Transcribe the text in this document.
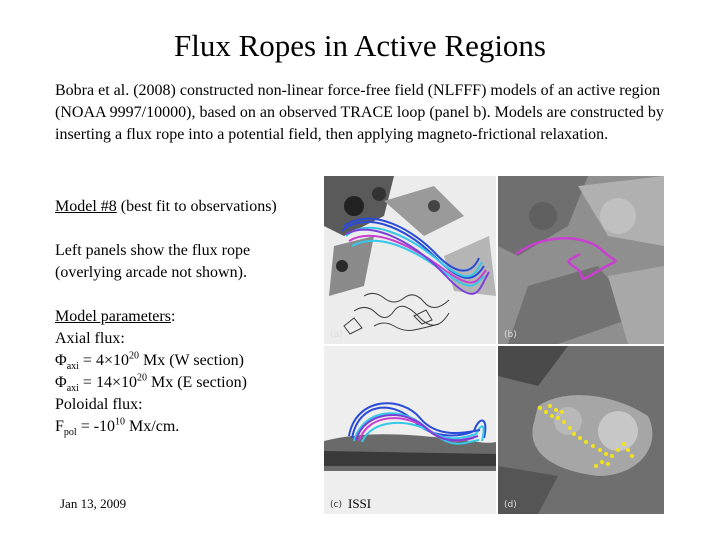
Flux Ropes in Active Regions
Bobra et al. (2008) constructed non-linear force-free field (NLFFF) models of an active region (NOAA 9997/10000), based on an observed TRACE loop (panel b). Models are constructed by inserting a flux rope into a potential field, then applying magneto-frictional relaxation.
Model #8 (best fit to observations)
Left panels show the flux rope
(overlying arcade not shown).
Model parameters:
Axial flux:
$\Phi_{axi} = 4\times 10^{20}$ Mx (W section)
$\Phi_{axi} = 14\times 10^{20}$ Mx (E section)
Poloidal flux:
$F_{pol} = -10^{10}$ Mx/cm.
(a)	(b)
(c)	(d)
Jan 13, 2009	ISSI
